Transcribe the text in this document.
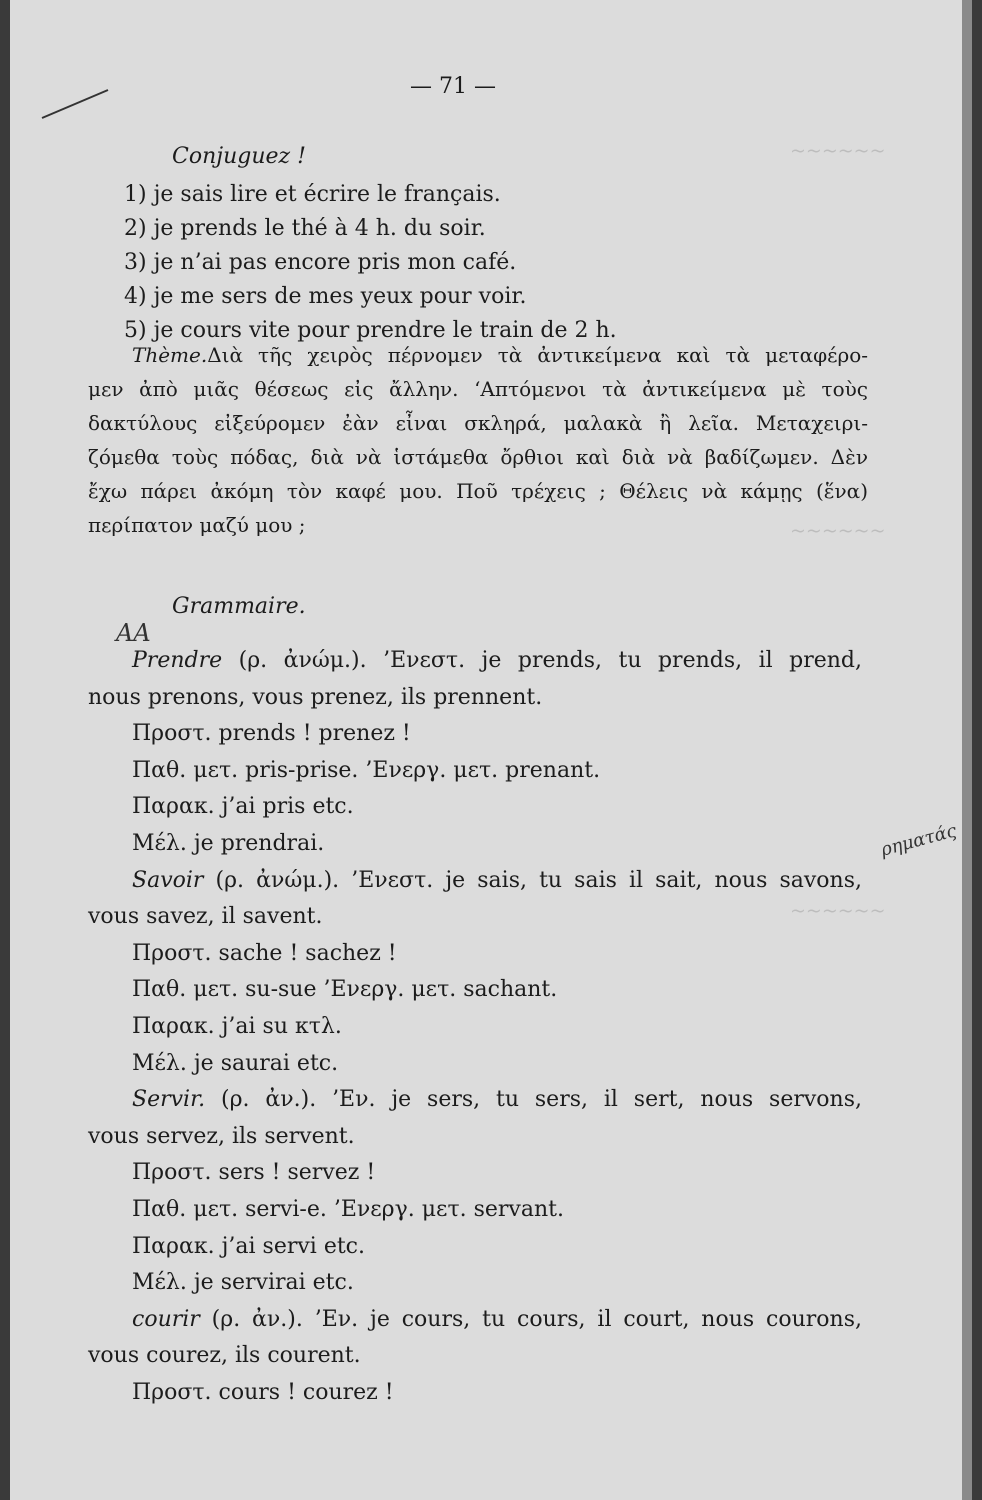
~~~~~~
~~~~~~
~~~~~~
— 71 —
Conjuguez !
1) je sais lire et écrire le français.
2) je prends le thé à 4 h. du soir.
3) je n’ai pas encore pris mon café.
4) je me sers de mes yeux pour voir.
5) je cours vite pour prendre le train de 2 h.
Thème.Διὰ τῆς χειρὸς πέρνομεν τὰ ἀντικείμενα καὶ τὰ μεταφέρο-
μεν ἀπὸ μιᾶς θέσεως εἰς ἄλλην. ‘Απτόμενοι τὰ ἀντικείμενα μὲ τοὺς
δακτύλους εἰξεύρομεν ἐὰν εἶναι σκληρά, μαλακὰ ἢ λεῖα. Μεταχειρι-
ζόμεθα τοὺς πόδας, διὰ νὰ ἱστάμεθα ὄρθιοι καὶ διὰ νὰ βαδίζωμεν. Δὲν
ἔχω πάρει ἀκόμη τὸν καφέ μου. Ποῦ τρέχεις ; Θέλεις νὰ κάμῃς (ἕνα)
περίπατον μαζύ μου ;
Grammaire.
ΑΑ
Prendre (ρ. ἀνώμ.). ’Ενεστ. je prends, tu prends, il prend,
nous prenons, vous prenez, ils prennent.
Προστ. prends ! prenez !
Παθ. μετ. pris-prise. ’Ενεργ. μετ. prenant.
Παρακ. j’ai pris etc.
Μέλ. je prendrai.
Savoir (ρ. ἀνώμ.). ’Ενεστ. je sais, tu sais il sait, nous savons,
vous savez, il savent.
Προστ. sache ! sachez !
Παθ. μετ. su-sue ’Ενεργ. μετ. sachant.
Παρακ. j’ai su κτλ.
Μέλ. je saurai etc.
Servir. (ρ. ἀν.). ’Εν. je sers, tu sers, il sert, nous servons,
vous servez, ils servent.
Προστ. sers ! servez !
Παθ. μετ. servi-e. ’Ενεργ. μετ. servant.
Παρακ. j’ai servi etc.
Μέλ. je servirai etc.
courir (ρ. ἀν.). ’Εν. je cours, tu cours, il court, nous courons,
vous courez, ils courent.
Προστ. cours ! courez !
ρηματάς
